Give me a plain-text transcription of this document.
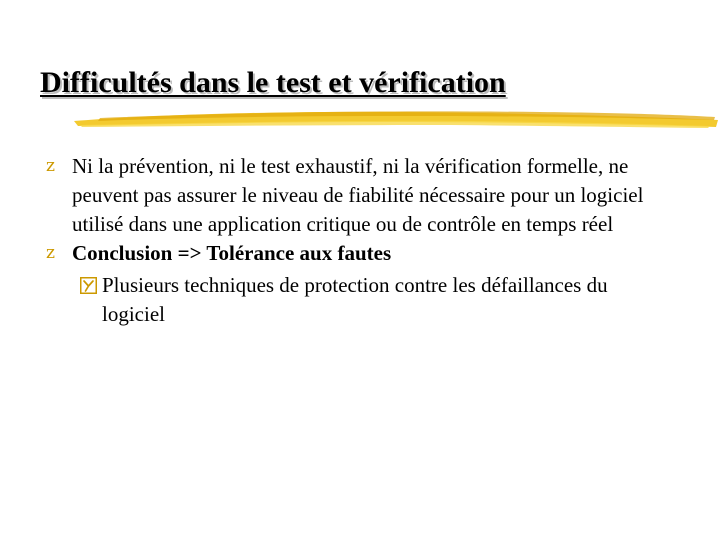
Difficultés dans le test et vérification
z Ni la prévention, ni le test exhaustif, ni la vérification formelle, ne peuvent pas assurer le niveau de fiabilité nécessaire pour un logiciel utilisé dans une application critique ou de contrôle en temps réel
z Conclusion => Tolérance aux fautes
Plusieurs techniques de protection contre les défaillances du logiciel
